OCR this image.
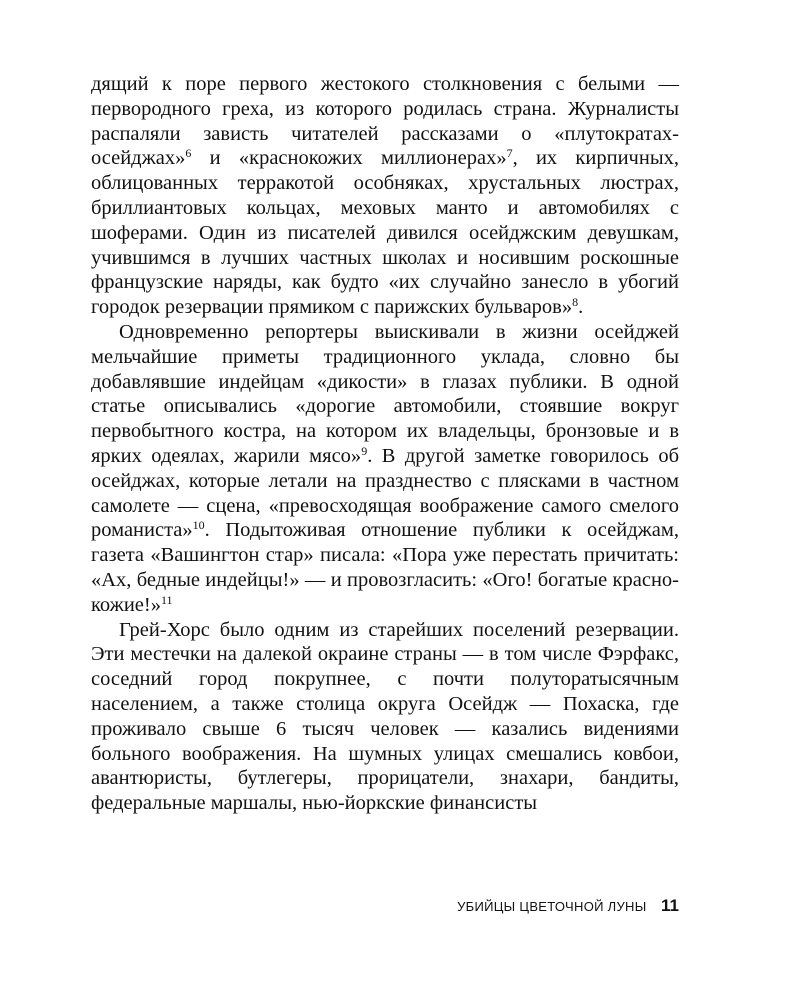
дящий к поре первого жестокого столкновения с белыми — первородного греха, из которого родилась страна. Журналисты распаляли зависть читателей рассказами о «плутократах-осейджах»$^6$ и «краснокожих миллионерах»$^7$, их кирпичных, облицованных терракотой особняках, хрустальных люстрах, бриллиантовых кольцах, меховых манто и автомобилях с шоферами. Один из писателей дивился осейджским девушкам, учившимся в лучших частных школах и носившим роскошные французские наряды, как будто «их случайно занесло в убогий городок резервации прямиком с парижских бульваров»$^8$.

Одновременно репортеры выискивали в жизни осейджей мельчайшие приметы традиционного уклада, словно бы добавлявшие индейцам «дикости» в глазах публики. В одной статье описывались «дорогие автомобили, стоявшие вокруг первобытного костра, на котором их владельцы, бронзовые и в ярких одеялах, жарили мясо»$^9$. В другой заметке говорилось об осейджах, которые летали на празднество с плясками в частном самолете — сцена, «превосходящая воображение самого смелого романиста»$^{10}$. Подытоживая отношение публики к осейджам, газета «Вашингтон стар» писала: «Пора уже перестать причитать: «Ах, бедные индейцы!» — и провозгласить: «Ого! богатые краснокожие!»$^{11}$

Грей-Хорс было одним из старейших поселений резервации. Эти местечки на далекой окраине страны — в том числе Фэрфакс, соседний город покрупнее, с почти полуторатысячным населением, а также столица округа Осейдж — Похаска, где проживало свыше 6 тысяч человек — казались видениями больного воображения. На шумных улицах смешались ковбои, авантюристы, бутлегеры, прорицатели, знахари, бандиты, федеральные маршалы, нью-йоркские финансисты

УБИЙЦЫ ЦВЕТОЧНОЙ ЛУНЫ 11
